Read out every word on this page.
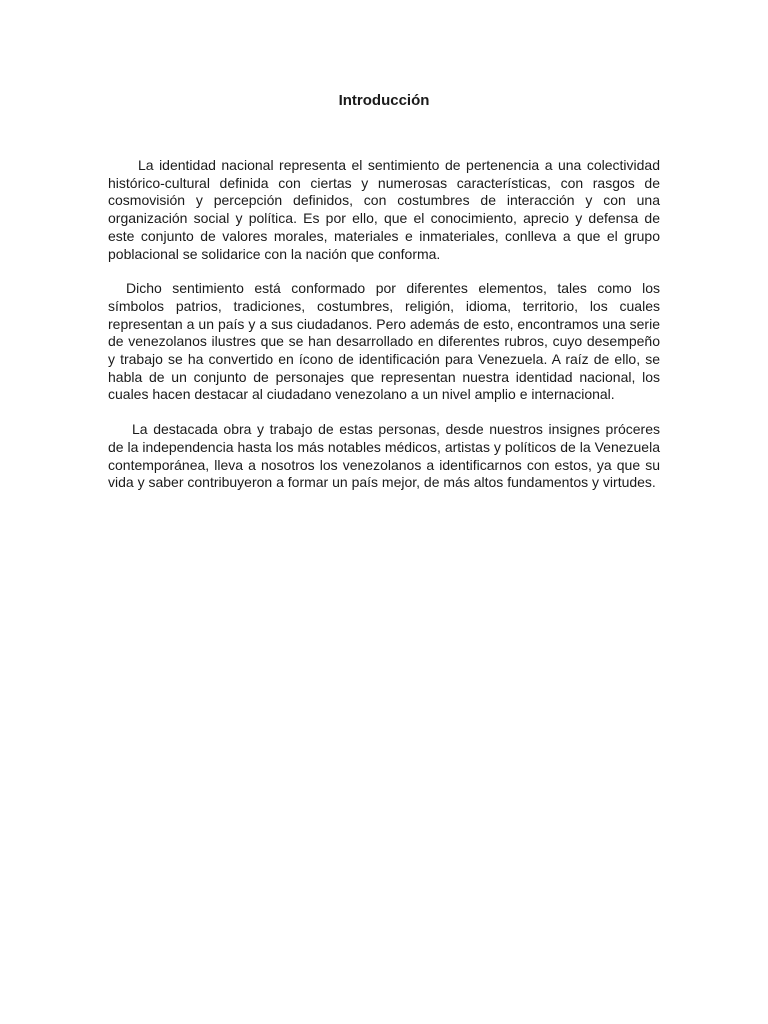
Introducción

La identidad nacional representa el sentimiento de pertenencia a una colectividad histórico-cultural definida con ciertas y numerosas características, con rasgos de cosmovisión y percepción definidos, con costumbres de interacción y con una organización social y política. Es por ello, que el conocimiento, aprecio y defensa de este conjunto de valores morales, materiales e inmateriales, conlleva a que el grupo poblacional se solidarice con la nación que conforma.

Dicho sentimiento está conformado por diferentes elementos, tales como los símbolos patrios, tradiciones, costumbres, religión, idioma, territorio, los cuales representan a un país y a sus ciudadanos. Pero además de esto, encontramos una serie de venezolanos ilustres que se han desarrollado en diferentes rubros, cuyo desempeño y trabajo se ha convertido en ícono de identificación para Venezuela. A raíz de ello, se habla de un conjunto de personajes que representan nuestra identidad nacional, los cuales hacen destacar al ciudadano venezolano a un nivel amplio e internacional.

La destacada obra y trabajo de estas personas, desde nuestros insignes próceres de la independencia hasta los más notables médicos, artistas y políticos de la Venezuela contemporánea, lleva a nosotros los venezolanos a identificarnos con estos, ya que su vida y saber contribuyeron a formar un país mejor, de más altos fundamentos y virtudes.
